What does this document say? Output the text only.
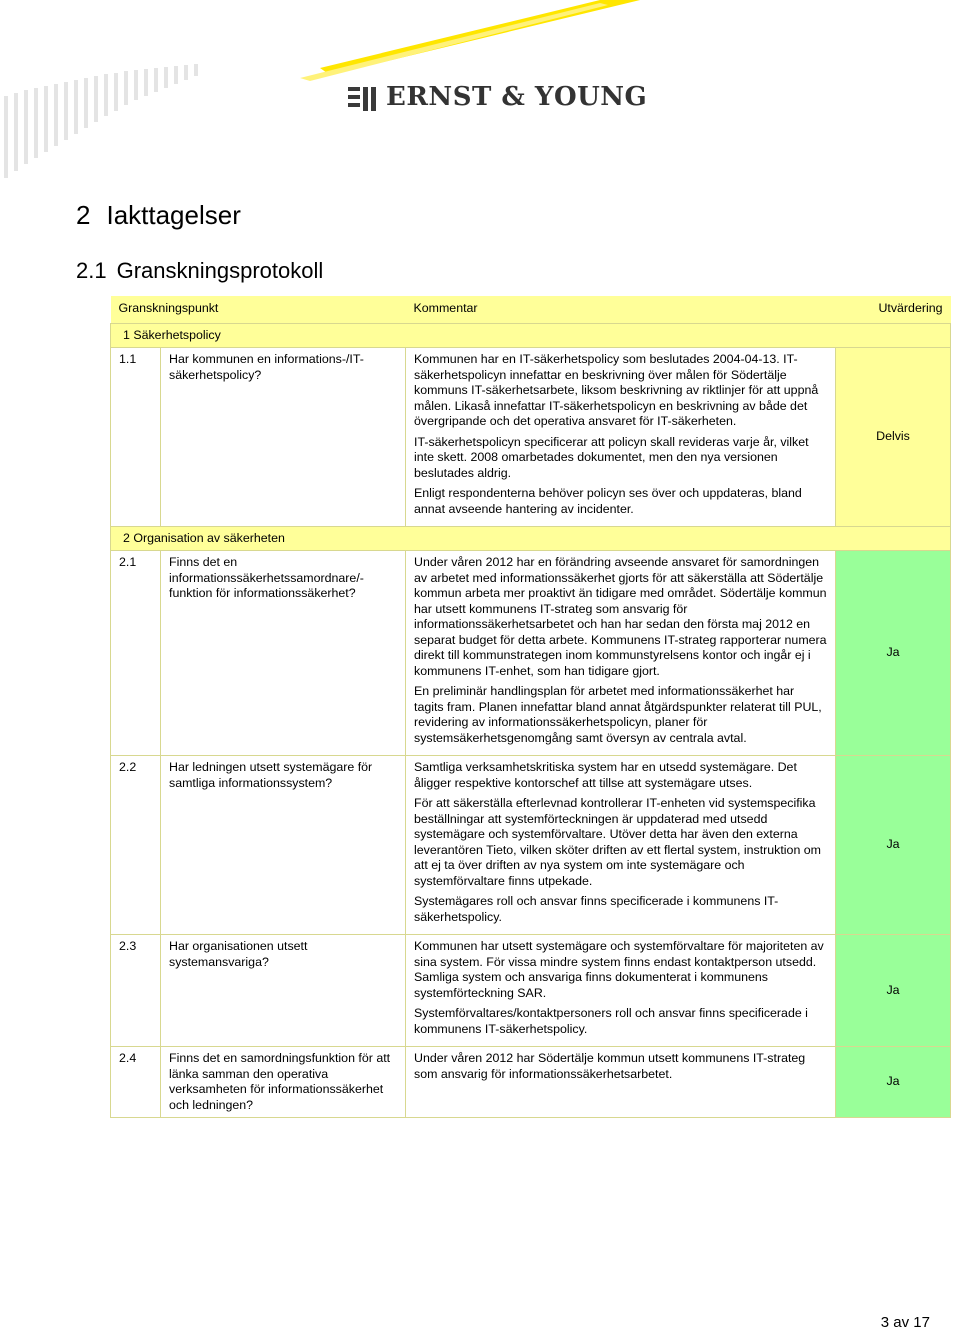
ERNST & YOUNG
2 Iakttagelser
2.1 Granskningsprotokoll
Granskningspunkt		Kommentar	Utvärdering
1 Säkerhetspolicy			
1.1	Har kommunen en informations-/IT-säkerhetspolicy?	Kommunen har en IT-säkerhetspolicy som beslutades 2004-04-13. IT-säkerhetspolicyn innefattar en beskrivning över målen för Södertälje kommuns IT-säkerhetsarbete, liksom beskrivning av riktlinjer för att uppnå målen. Likaså innefattar IT-säkerhetspolicyn en beskrivning av både det övergripande och det operativa ansvaret för IT-säkerheten.

IT-säkerhetspolicyn specificerar att policyn skall revideras varje år, vilket inte skett. 2008 omarbetades dokumentet, men den nya versionen beslutades aldrig.

Enligt respondenterna behöver policyn ses över och uppdateras, bland annat avseende hantering av incidenter.	Delvis
2 Organisation av säkerheten			
2.1	Finns det en informationssäkerhetssamordnare/-funktion för informationssäkerhet?	Under våren 2012 har en förändring avseende ansvaret för samordningen av arbetet med informationssäkerhet gjorts för att säkerställa att Södertälje kommun arbeta mer proaktivt än tidigare med området. Södertälje kommun har utsett kommunens IT-strateg som ansvarig för informationssäkerhetsarbetet och han har sedan den första maj 2012 en separat budget för detta arbete. Kommunens IT-strateg rapporterar numera direkt till kommunstrategen inom kommunstyrelsens kontor och ingår ej i kommunens IT-enhet, som han tidigare gjort.

En preliminär handlingsplan för arbetet med informationssäkerhet har tagits fram. Planen innefattar bland annat åtgärdspunkter relaterat till PUL, revidering av informationssäkerhetspolicyn, planer för systemsäkerhetsgenomgång samt översyn av centrala avtal.	Ja
2.2	Har ledningen utsett systemägare för samtliga informationssystem?	Samtliga verksamhetskritiska system har en utsedd systemägare. Det åligger respektive kontorschef att tillse att systemägare utses.

För att säkerställa efterlevnad kontrollerar IT-enheten vid systemspecifika beställningar att systemförteckningen är uppdaterad med utsedd systemägare och systemförvaltare. Utöver detta har även den externa leverantören Tieto, vilken sköter driften av ett flertal system, instruktion om att ej ta över driften av nya system om inte systemägare och systemförvaltare finns utpekade.

Systemägares roll och ansvar finns specificerade i kommunens IT-säkerhetspolicy.	Ja
2.3	Har organisationen utsett systemansvariga?	Kommunen har utsett systemägare och systemförvaltare för majoriteten av sina system. För vissa mindre system finns endast kontaktperson utsedd. Samliga system och ansvariga finns dokumenterat i kommunens systemförteckning SAR.

Systemförvaltares/kontaktpersoners roll och ansvar finns specificerade i kommunens IT-säkerhetspolicy.	Ja
2.4	Finns det en samordningsfunktion för att länka samman den operativa verksamheten för informationssäkerhet och ledningen?	Under våren 2012 har Södertälje kommun utsett kommunens IT-strateg som ansvarig för informationssäkerhetsarbetet.	Ja
3 av 17
